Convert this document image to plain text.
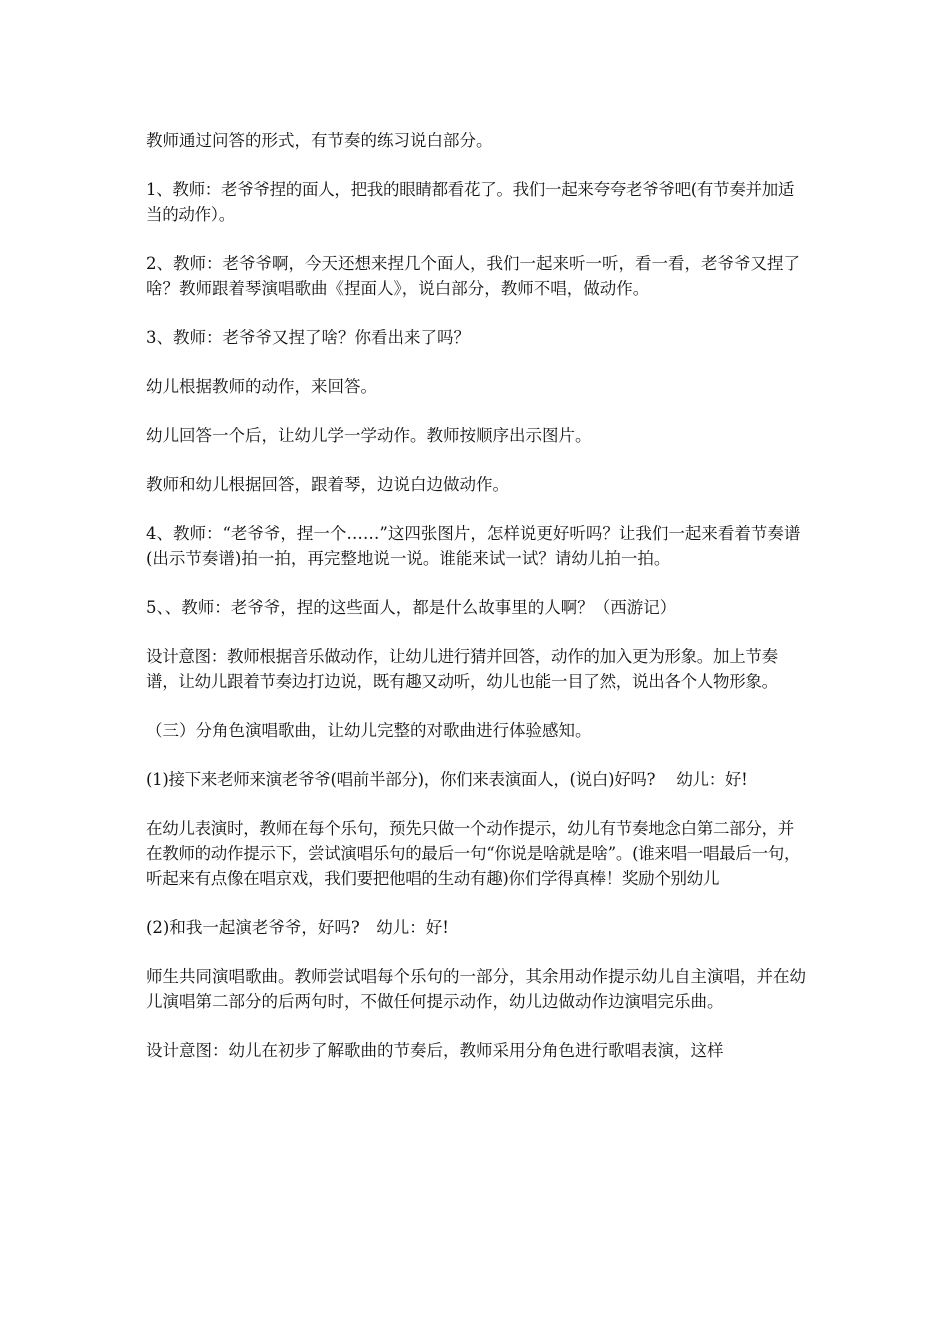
教师通过问答的形式，有节奏的练习说白部分。

1、教师：老爷爷捏的面人，把我的眼睛都看花了。我们一起来夸夸老爷爷吧(有节奏并加适当的动作）。

2、教师：老爷爷啊，今天还想来捏几个面人，我们一起来听一听，看一看，老爷爷又捏了啥？教师跟着琴演唱歌曲《捏面人》，说白部分，教师不唱，做动作。

3、教师：老爷爷又捏了啥？你看出来了吗？

幼儿根据教师的动作，来回答。

幼儿回答一个后，让幼儿学一学动作。教师按顺序出示图片。

教师和幼儿根据回答，跟着琴，边说白边做动作。

4、教师：“老爷爷，捏一个……”这四张图片，怎样说更好听吗？让我们一起来看着节奏谱(出示节奏谱)拍一拍，再完整地说一说。谁能来试一试？请幼儿拍一拍。

5、、教师：老爷爷，捏的这些面人，都是什么故事里的人啊？（西游记）

设计意图：教师根据音乐做动作，让幼儿进行猜并回答，动作的加入更为形象。加上节奏谱，让幼儿跟着节奏边打边说，既有趣又动听，幼儿也能一目了然，说出各个人物形象。

（三）分角色演唱歌曲，让幼儿完整的对歌曲进行体验感知。

(1)接下来老师来演老爷爷(唱前半部分)，你们来表演面人，(说白)好吗?　 幼儿：好!

在幼儿表演时，教师在每个乐句，预先只做一个动作提示，幼儿有节奏地念白第二部分，并在教师的动作提示下，尝试演唱乐句的最后一句“你说是啥就是啥”。(谁来唱一唱最后一句，听起来有点像在唱京戏，我们要把他唱的生动有趣)你们学得真棒！奖励个别幼儿

(2)和我一起演老爷爷，好吗?　幼儿：好!

师生共同演唱歌曲。教师尝试唱每个乐句的一部分，其余用动作提示幼儿自主演唱，并在幼儿演唱第二部分的后两句时，不做任何提示动作，幼儿边做动作边演唱完乐曲。

设计意图：幼儿在初步了解歌曲的节奏后，教师采用分角色进行歌唱表演，这样
